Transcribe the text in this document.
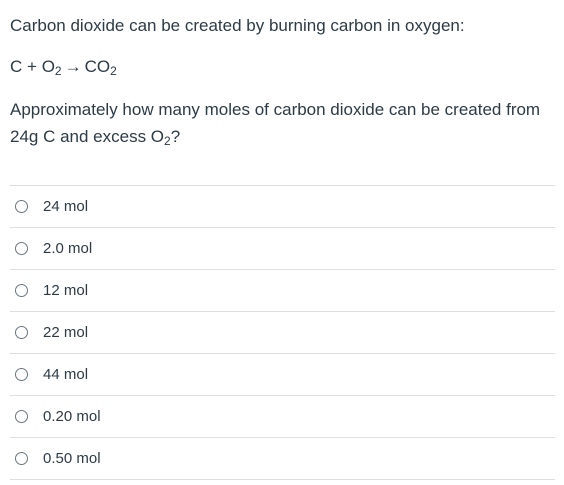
Carbon dioxide can be created by burning carbon in oxygen:

$C + O_2 \to CO_2$

Approximately how many moles of carbon dioxide can be created from 24g C and excess $O_2$?

24 mol
2.0 mol
12 mol
22 mol
44 mol
0.20 mol
0.50 mol
